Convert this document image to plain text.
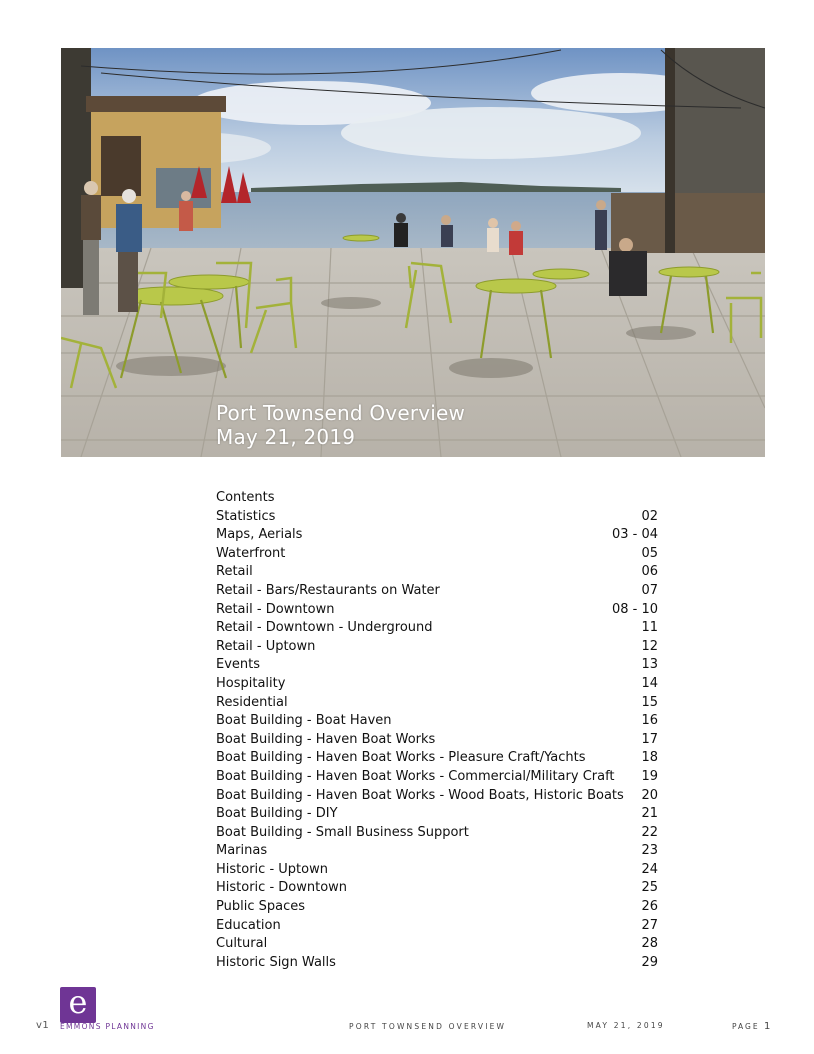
Port Townsend Overview
May 21, 2019
Contents
Statistics	02
Maps, Aerials	03 - 04
Waterfront	05
Retail	06
Retail - Bars/Restaurants on Water	07
Retail - Downtown	08 - 10
Retail - Downtown - Underground	11
Retail - Uptown	12
Events	13
Hospitality	14
Residential	15
Boat Building - Boat Haven	16
Boat Building - Haven Boat Works	17
Boat Building - Haven Boat Works - Pleasure Craft/Yachts	18
Boat Building - Haven Boat Works - Commercial/Military Craft 19
Boat Building - Haven Boat Works - Wood Boats, Historic Boats 20
Boat Building - DIY	21
Boat Building - Small Business Support	22
Marinas	23
Historic - Uptown	24
Historic - Downtown	25
Public Spaces	26
Education	27
Cultural	28
Historic Sign Walls	29
e
v1 EMMONS PLANNING	PORT TOWNSEND OVERVIEW	MAY 21, 2019	PAGE 1
